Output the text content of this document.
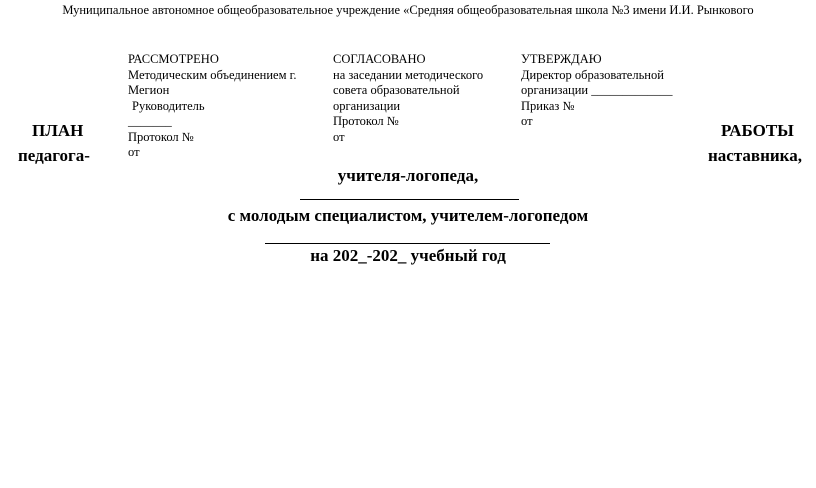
Муниципальное автономное общеобразовательное учреждение «Средняя общеобразовательная школа №3 имени И.И. Рынкового
РАССМОТРЕНО
Методическим объединением г.
Мегион
Руководитель
_______
Протокол №
от
СОГЛАСОВАНО
на заседании методического
совета образовательной
организации
Протокол №
от
УТВЕРЖДАЮ
Директор образовательной
организации _____________
Приказ №
от
ПЛАН	РАБОТЫ
педагога-	наставника,
учителя-логопеда,
с молодым специалистом, учителем-логопедом
на 202_-202_ учебный год
